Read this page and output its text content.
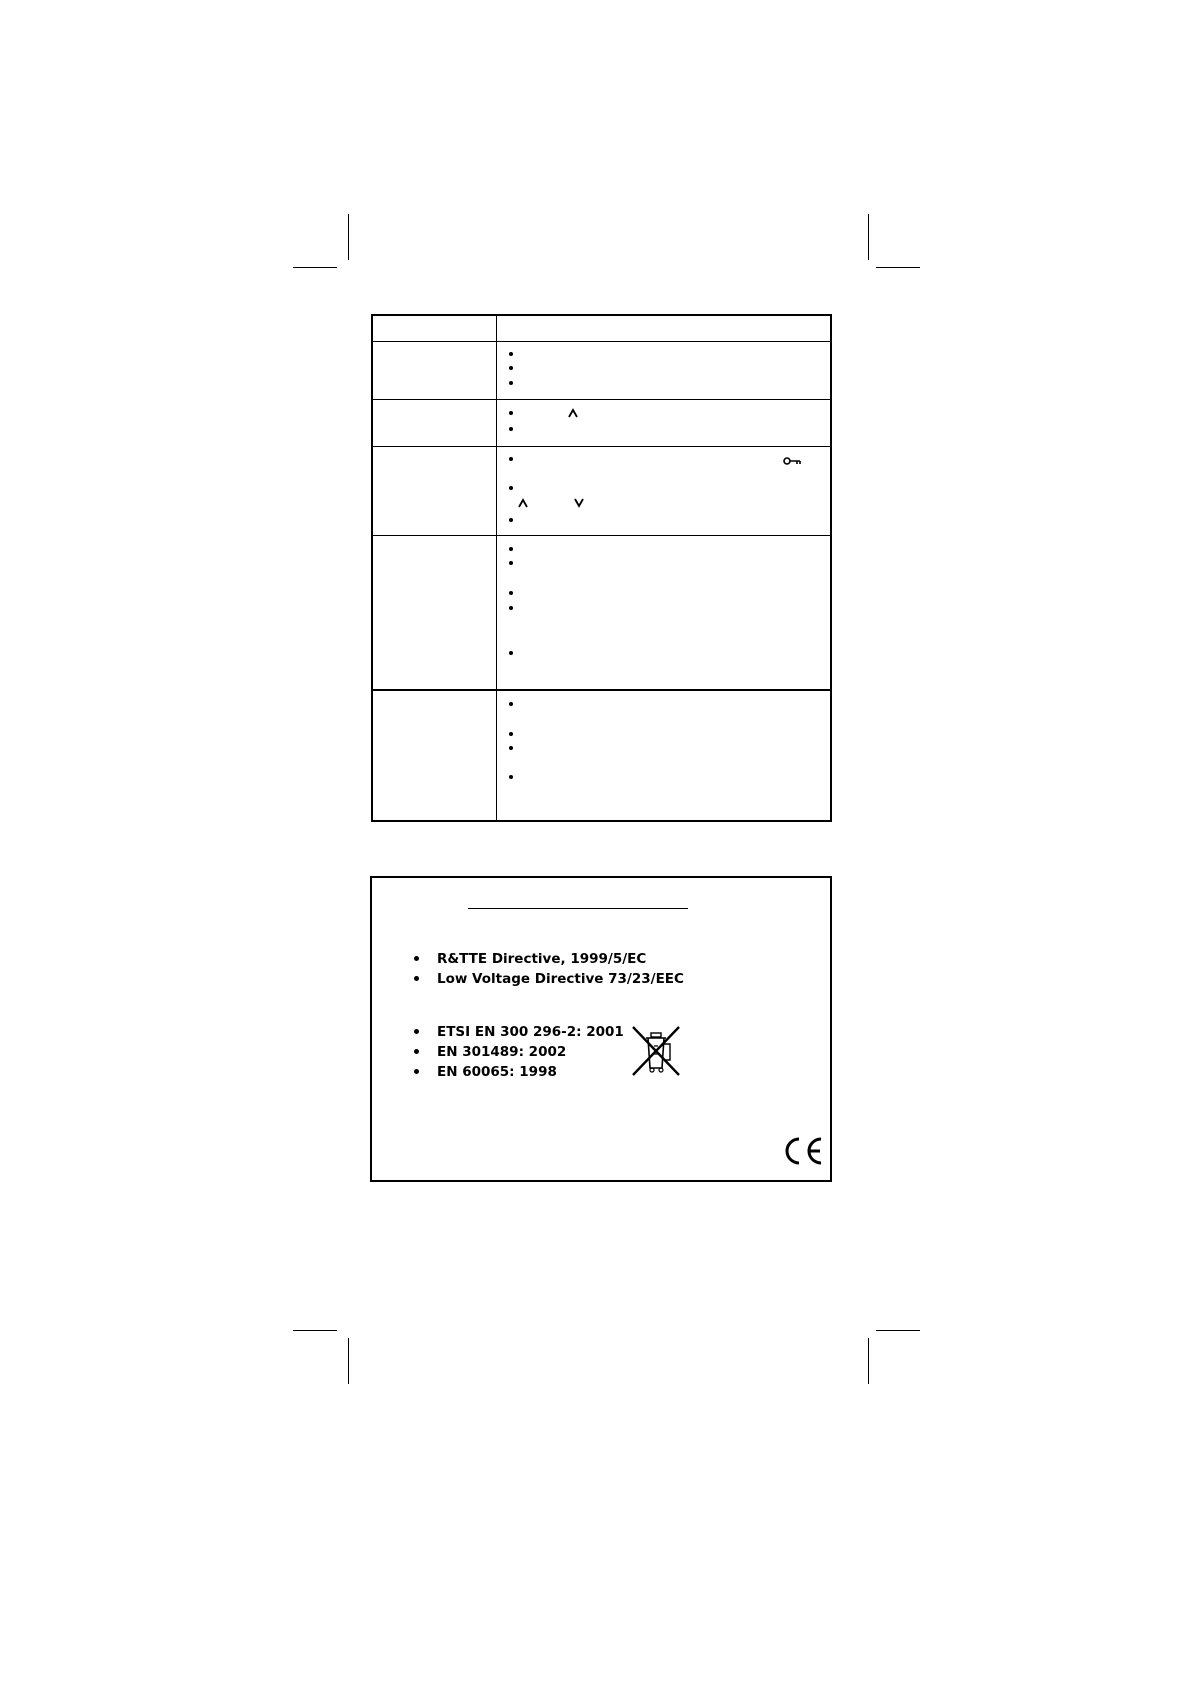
R&TTE Directive, 1999/5/EC
Low Voltage Directive 73/23/EEC
ETSI EN 300 296-2: 2001
EN 301489: 2002
EN 60065: 1998
